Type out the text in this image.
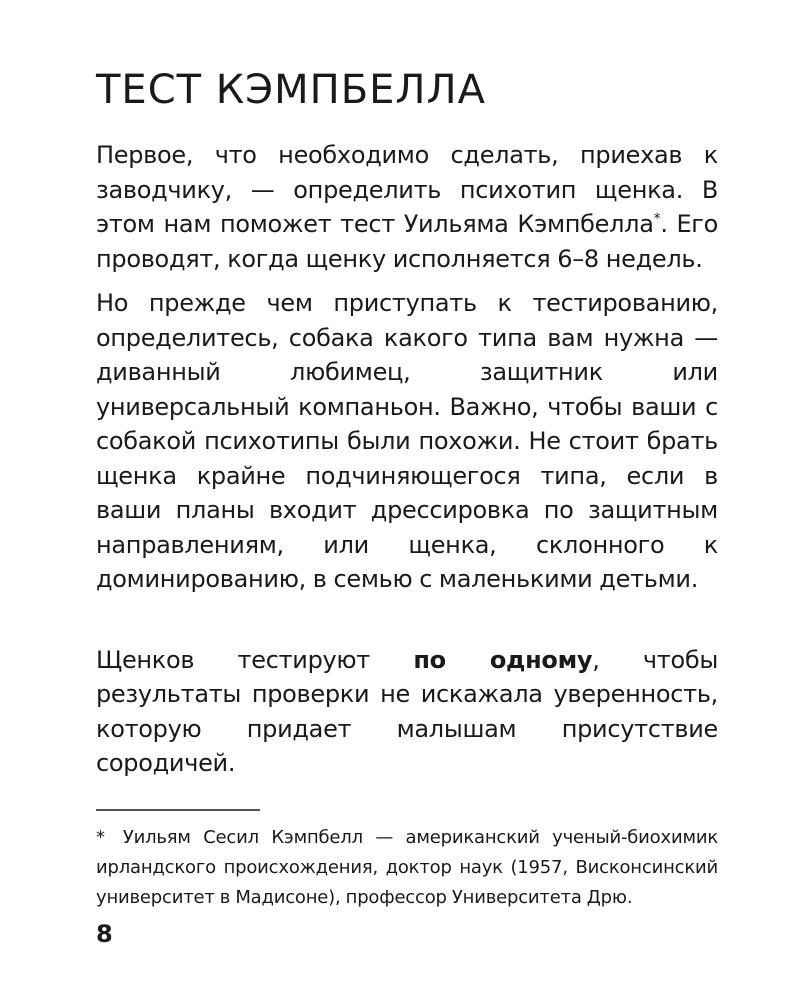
ТЕСТ КЭМПБЕЛЛА

Первое, что необходимо сделать, приехав к заводчику, — определить психотип щенка. В этом нам поможет тест Уильяма Кэмпбелла*. Его проводят, когда щенку исполняется 6–8 недель.

Но прежде чем приступать к тестированию, определитесь, собака какого типа вам нужна — диванный любимец, защитник или универсальный компаньон. Важно, чтобы ваши с собакой психотипы были похожи. Не стоит брать щенка крайне подчиняющегося типа, если в ваши планы входит дрессировка по защитным направлениям, или щенка, склонного к доминированию, в семью с маленькими детьми.

Щенков тестируют по одному, чтобы результаты проверки не искажала уверенность, которую придает малышам присутствие сородичей.

* Уильям Сесил Кэмпбелл — американский ученый-биохимик ирландского происхождения, доктор наук (1957, Висконсинский университет в Мадисоне), профессор Университета Дрю.

8
